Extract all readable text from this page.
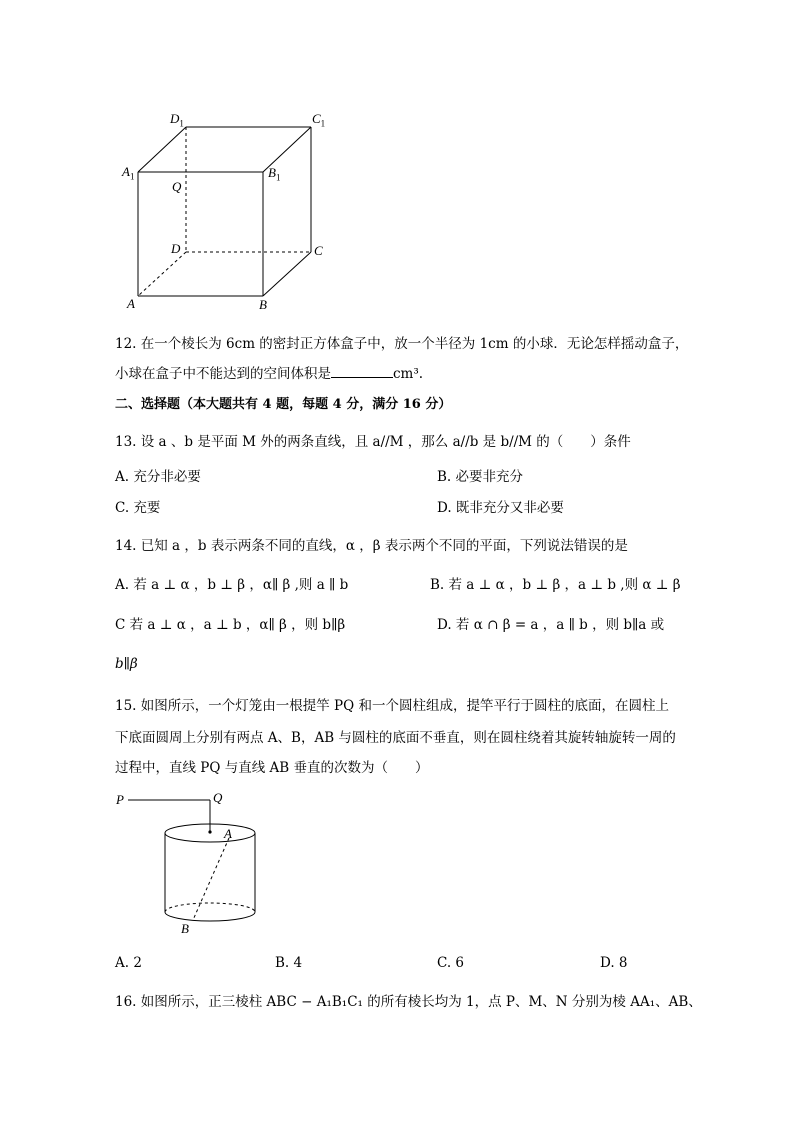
$D_1$	$C_1$
$A_1$	$B_1$
Q
D	C
A	B
12. 在一个棱长为 6cm 的密封正方体盒子中，放一个半径为 1cm 的小球．无论怎样摇动盒子，
小球在盒子中不能达到的空间体积是	cm³.
二、选择题（本大题共有 4 题，每题 4 分，满分 16 分）
13. 设 a 、b 是平面 M 外的两条直线，且 a//M ，那么 a//b 是 b//M 的（　　）条件
A. 充分非必要	B. 必要非充分
C. 充要	D. 既非充分又非必要
14. 已知 a ，b 表示两条不同的直线，α ，β 表示两个不同的平面，下列说法错误的是
A. 若 a ⊥ α ，b ⊥ β ，α∥ β ,则 a ∥ b	B. 若 a ⊥ α ，b ⊥ β ，a ⊥ b ,则 α ⊥ β
C 若 a ⊥ α ，a ⊥ b ，α∥ β ，则 b∥β	D. 若 α ∩ β = a ，a ∥ b ，则 b∥a 或
b∥β
15. 如图所示，一个灯笼由一根提竿 PQ 和一个圆柱组成，提竿平行于圆柱的底面，在圆柱上
下底面圆周上分别有两点 A、B，AB 与圆柱的底面不垂直，则在圆柱绕着其旋转轴旋转一周的
过程中，直线 PQ 与直线 AB 垂直的次数为（　　）
P	Q
A
B
A. 2	B. 4	C. 6	D. 8
16. 如图所示，正三棱柱 ABC − A₁B₁C₁ 的所有棱长均为 1，点 P、M、N 分别为棱 AA₁、AB、
